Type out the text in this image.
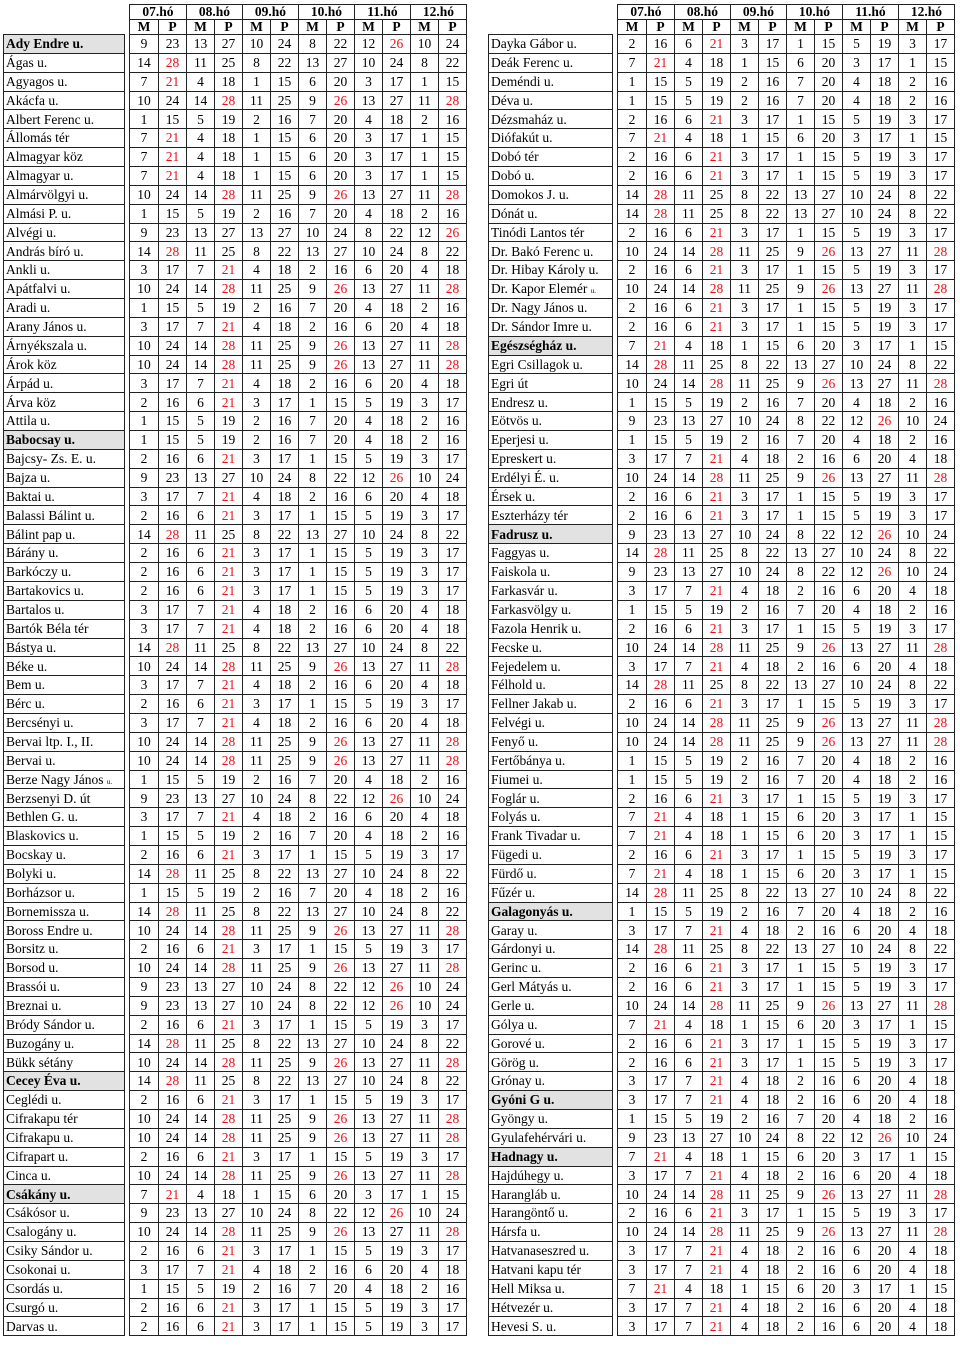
		07.hó		08.hó		09.hó		10.hó		11.hó		12.hó	
		M	P	M	P	M	P	M	P	M	P	M	P
Ady Endre u.		9	23	13	27	10	24	8	22	12	26	10	24
Ágas u.		14	28	11	25	8	22	13	27	10	24	8	22
Agyagos u.		7	21	4	18	1	15	6	20	3	17	1	15
Akácfa u.		10	24	14	28	11	25	9	26	13	27	11	28
Albert Ferenc u.		1	15	5	19	2	16	7	20	4	18	2	16
Állomás tér		7	21	4	18	1	15	6	20	3	17	1	15
Almagyar köz		7	21	4	18	1	15	6	20	3	17	1	15
Almagyar u.		7	21	4	18	1	15	6	20	3	17	1	15
Almárvölgyi u.		10	24	14	28	11	25	9	26	13	27	11	28
Almási P. u.		1	15	5	19	2	16	7	20	4	18	2	16
Alvégi u.		9	23	13	27	13	27	10	24	8	22	12	26
András bíró u.		14	28	11	25	8	22	13	27	10	24	8	22
Ankli u.		3	17	7	21	4	18	2	16	6	20	4	18
Apátfalvi u.		10	24	14	28	11	25	9	26	13	27	11	28
Aradi u.		1	15	5	19	2	16	7	20	4	18	2	16
Arany János u.		3	17	7	21	4	18	2	16	6	20	4	18
Árnyékszala u.		10	24	14	28	11	25	9	26	13	27	11	28
Árok köz		10	24	14	28	11	25	9	26	13	27	11	28
Árpád u.		3	17	7	21	4	18	2	16	6	20	4	18
Árva köz		2	16	6	21	3	17	1	15	5	19	3	17
Attila u.		1	15	5	19	2	16	7	20	4	18	2	16
Babocsay u.		1	15	5	19	2	16	7	20	4	18	2	16
Bajcsy- Zs. E. u.		2	16	6	21	3	17	1	15	5	19	3	17
Bajza u.		9	23	13	27	10	24	8	22	12	26	10	24
Baktai u.		3	17	7	21	4	18	2	16	6	20	4	18
Balassi Bálint u.		2	16	6	21	3	17	1	15	5	19	3	17
Bálint pap u.		14	28	11	25	8	22	13	27	10	24	8	22
Bárány u.		2	16	6	21	3	17	1	15	5	19	3	17
Barkóczy u.		2	16	6	21	3	17	1	15	5	19	3	17
Bartakovics u.		2	16	6	21	3	17	1	15	5	19	3	17
Bartalos u.		3	17	7	21	4	18	2	16	6	20	4	18
Bartók Béla tér		3	17	7	21	4	18	2	16	6	20	4	18
Bástya u.		14	28	11	25	8	22	13	27	10	24	8	22
Béke u.		10	24	14	28	11	25	9	26	13	27	11	28
Bem u.		3	17	7	21	4	18	2	16	6	20	4	18
Bérc u.		2	16	6	21	3	17	1	15	5	19	3	17
Bercsényi u.		3	17	7	21	4	18	2	16	6	20	4	18
Bervai ltp. I., II.		10	24	14	28	11	25	9	26	13	27	11	28
Bervai u.		10	24	14	28	11	25	9	26	13	27	11	28
Berze Nagy János u.		1	15	5	19	2	16	7	20	4	18	2	16
Berzsenyi D. út		9	23	13	27	10	24	8	22	12	26	10	24
Bethlen G. u.		3	17	7	21	4	18	2	16	6	20	4	18
Blaskovics u.		1	15	5	19	2	16	7	20	4	18	2	16
Bocskay u.		2	16	6	21	3	17	1	15	5	19	3	17
Bolyki u.		14	28	11	25	8	22	13	27	10	24	8	22
Borházsor u.		1	15	5	19	2	16	7	20	4	18	2	16
Bornemissza u.		14	28	11	25	8	22	13	27	10	24	8	22
Boross Endre u.		10	24	14	28	11	25	9	26	13	27	11	28
Borsitz u.		2	16	6	21	3	17	1	15	5	19	3	17
Borsod u.		10	24	14	28	11	25	9	26	13	27	11	28
Brassói u.		9	23	13	27	10	24	8	22	12	26	10	24
Breznai u.		9	23	13	27	10	24	8	22	12	26	10	24
Bródy Sándor u.		2	16	6	21	3	17	1	15	5	19	3	17
Buzogány u.		14	28	11	25	8	22	13	27	10	24	8	22
Bükk sétány		10	24	14	28	11	25	9	26	13	27	11	28
Cecey Éva u.		14	28	11	25	8	22	13	27	10	24	8	22
Ceglédi u.		2	16	6	21	3	17	1	15	5	19	3	17
Cifrakapu tér		10	24	14	28	11	25	9	26	13	27	11	28
Cifrakapu u.		10	24	14	28	11	25	9	26	13	27	11	28
Cifrapart u.		2	16	6	21	3	17	1	15	5	19	3	17
Cinca u.		10	24	14	28	11	25	9	26	13	27	11	28
Csákány u.		7	21	4	18	1	15	6	20	3	17	1	15
Csákósor u.		9	23	13	27	10	24	8	22	12	26	10	24
Csalogány u.		10	24	14	28	11	25	9	26	13	27	11	28
Csiky Sándor u.		2	16	6	21	3	17	1	15	5	19	3	17
Csokonai u.		3	17	7	21	4	18	2	16	6	20	4	18
Csordás u.		1	15	5	19	2	16	7	20	4	18	2	16
Csurgó u.		2	16	6	21	3	17	1	15	5	19	3	17
Darvas u.		2	16	6	21	3	17	1	15	5	19	3	17
		07.hó		08.hó		09.hó		10.hó		11.hó		12.hó	
		M	P	M	P	M	P	M	P	M	P	M	P
Dayka Gábor u.		2	16	6	21	3	17	1	15	5	19	3	17
Deák Ferenc u.		7	21	4	18	1	15	6	20	3	17	1	15
Deméndi u.		1	15	5	19	2	16	7	20	4	18	2	16
Déva u.		1	15	5	19	2	16	7	20	4	18	2	16
Dézsmaház u.		2	16	6	21	3	17	1	15	5	19	3	17
Diófakút u.		7	21	4	18	1	15	6	20	3	17	1	15
Dobó tér		2	16	6	21	3	17	1	15	5	19	3	17
Dobó u.		2	16	6	21	3	17	1	15	5	19	3	17
Domokos J. u.		14	28	11	25	8	22	13	27	10	24	8	22
Dónát u.		14	28	11	25	8	22	13	27	10	24	8	22
Tinódi Lantos tér		2	16	6	21	3	17	1	15	5	19	3	17
Dr. Bakó Ferenc u.		10	24	14	28	11	25	9	26	13	27	11	28
Dr. Hibay Károly u.		2	16	6	21	3	17	1	15	5	19	3	17
Dr. Kapor Elemér u.		10	24	14	28	11	25	9	26	13	27	11	28
Dr. Nagy János u.		2	16	6	21	3	17	1	15	5	19	3	17
Dr. Sándor Imre u.		2	16	6	21	3	17	1	15	5	19	3	17
Egészségház u.		7	21	4	18	1	15	6	20	3	17	1	15
Egri Csillagok u.		14	28	11	25	8	22	13	27	10	24	8	22
Egri út		10	24	14	28	11	25	9	26	13	27	11	28
Endresz u.		1	15	5	19	2	16	7	20	4	18	2	16
Eötvös u.		9	23	13	27	10	24	8	22	12	26	10	24
Eperjesi u.		1	15	5	19	2	16	7	20	4	18	2	16
Epreskert u.		3	17	7	21	4	18	2	16	6	20	4	18
Erdélyi É. u.		10	24	14	28	11	25	9	26	13	27	11	28
Érsek u.		2	16	6	21	3	17	1	15	5	19	3	17
Eszterházy tér		2	16	6	21	3	17	1	15	5	19	3	17
Fadrusz u.		9	23	13	27	10	24	8	22	12	26	10	24
Faggyas u.		14	28	11	25	8	22	13	27	10	24	8	22
Faiskola u.		9	23	13	27	10	24	8	22	12	26	10	24
Farkasvár u.		3	17	7	21	4	18	2	16	6	20	4	18
Farkasvölgy u.		1	15	5	19	2	16	7	20	4	18	2	16
Fazola Henrik u.		2	16	6	21	3	17	1	15	5	19	3	17
Fecske u.		10	24	14	28	11	25	9	26	13	27	11	28
Fejedelem u.		3	17	7	21	4	18	2	16	6	20	4	18
Félhold u.		14	28	11	25	8	22	13	27	10	24	8	22
Fellner Jakab u.		2	16	6	21	3	17	1	15	5	19	3	17
Felvégi u.		10	24	14	28	11	25	9	26	13	27	11	28
Fenyő u.		10	24	14	28	11	25	9	26	13	27	11	28
Fertőbánya u.		1	15	5	19	2	16	7	20	4	18	2	16
Fiumei u.		1	15	5	19	2	16	7	20	4	18	2	16
Foglár u.		2	16	6	21	3	17	1	15	5	19	3	17
Folyás u.		7	21	4	18	1	15	6	20	3	17	1	15
Frank Tivadar u.		7	21	4	18	1	15	6	20	3	17	1	15
Fügedi u.		2	16	6	21	3	17	1	15	5	19	3	17
Fürdő u.		7	21	4	18	1	15	6	20	3	17	1	15
Fűzér u.		14	28	11	25	8	22	13	27	10	24	8	22
Galagonyás u.		1	15	5	19	2	16	7	20	4	18	2	16
Garay u.		3	17	7	21	4	18	2	16	6	20	4	18
Gárdonyi u.		14	28	11	25	8	22	13	27	10	24	8	22
Gerinc u.		2	16	6	21	3	17	1	15	5	19	3	17
Gerl Mátyás u.		2	16	6	21	3	17	1	15	5	19	3	17
Gerle u.		10	24	14	28	11	25	9	26	13	27	11	28
Gólya u.		7	21	4	18	1	15	6	20	3	17	1	15
Gorové u.		2	16	6	21	3	17	1	15	5	19	3	17
Görög u.		2	16	6	21	3	17	1	15	5	19	3	17
Grónay u.		3	17	7	21	4	18	2	16	6	20	4	18
Gyóni G u.		3	17	7	21	4	18	2	16	6	20	4	18
Gyöngy u.		1	15	5	19	2	16	7	20	4	18	2	16
Gyulafehérvári u.		9	23	13	27	10	24	8	22	12	26	10	24
Hadnagy u.		7	21	4	18	1	15	6	20	3	17	1	15
Hajdúhegy u.		3	17	7	21	4	18	2	16	6	20	4	18
Harangláb u.		10	24	14	28	11	25	9	26	13	27	11	28
Harangöntő u.		2	16	6	21	3	17	1	15	5	19	3	17
Hársfa u.		10	24	14	28	11	25	9	26	13	27	11	28
Hatvanaseszred u.		3	17	7	21	4	18	2	16	6	20	4	18
Hatvani kapu tér		3	17	7	21	4	18	2	16	6	20	4	18
Hell Miksa u.		7	21	4	18	1	15	6	20	3	17	1	15
Hétvezér u.		3	17	7	21	4	18	2	16	6	20	4	18
Hevesi S. u.		3	17	7	21	4	18	2	16	6	20	4	18
